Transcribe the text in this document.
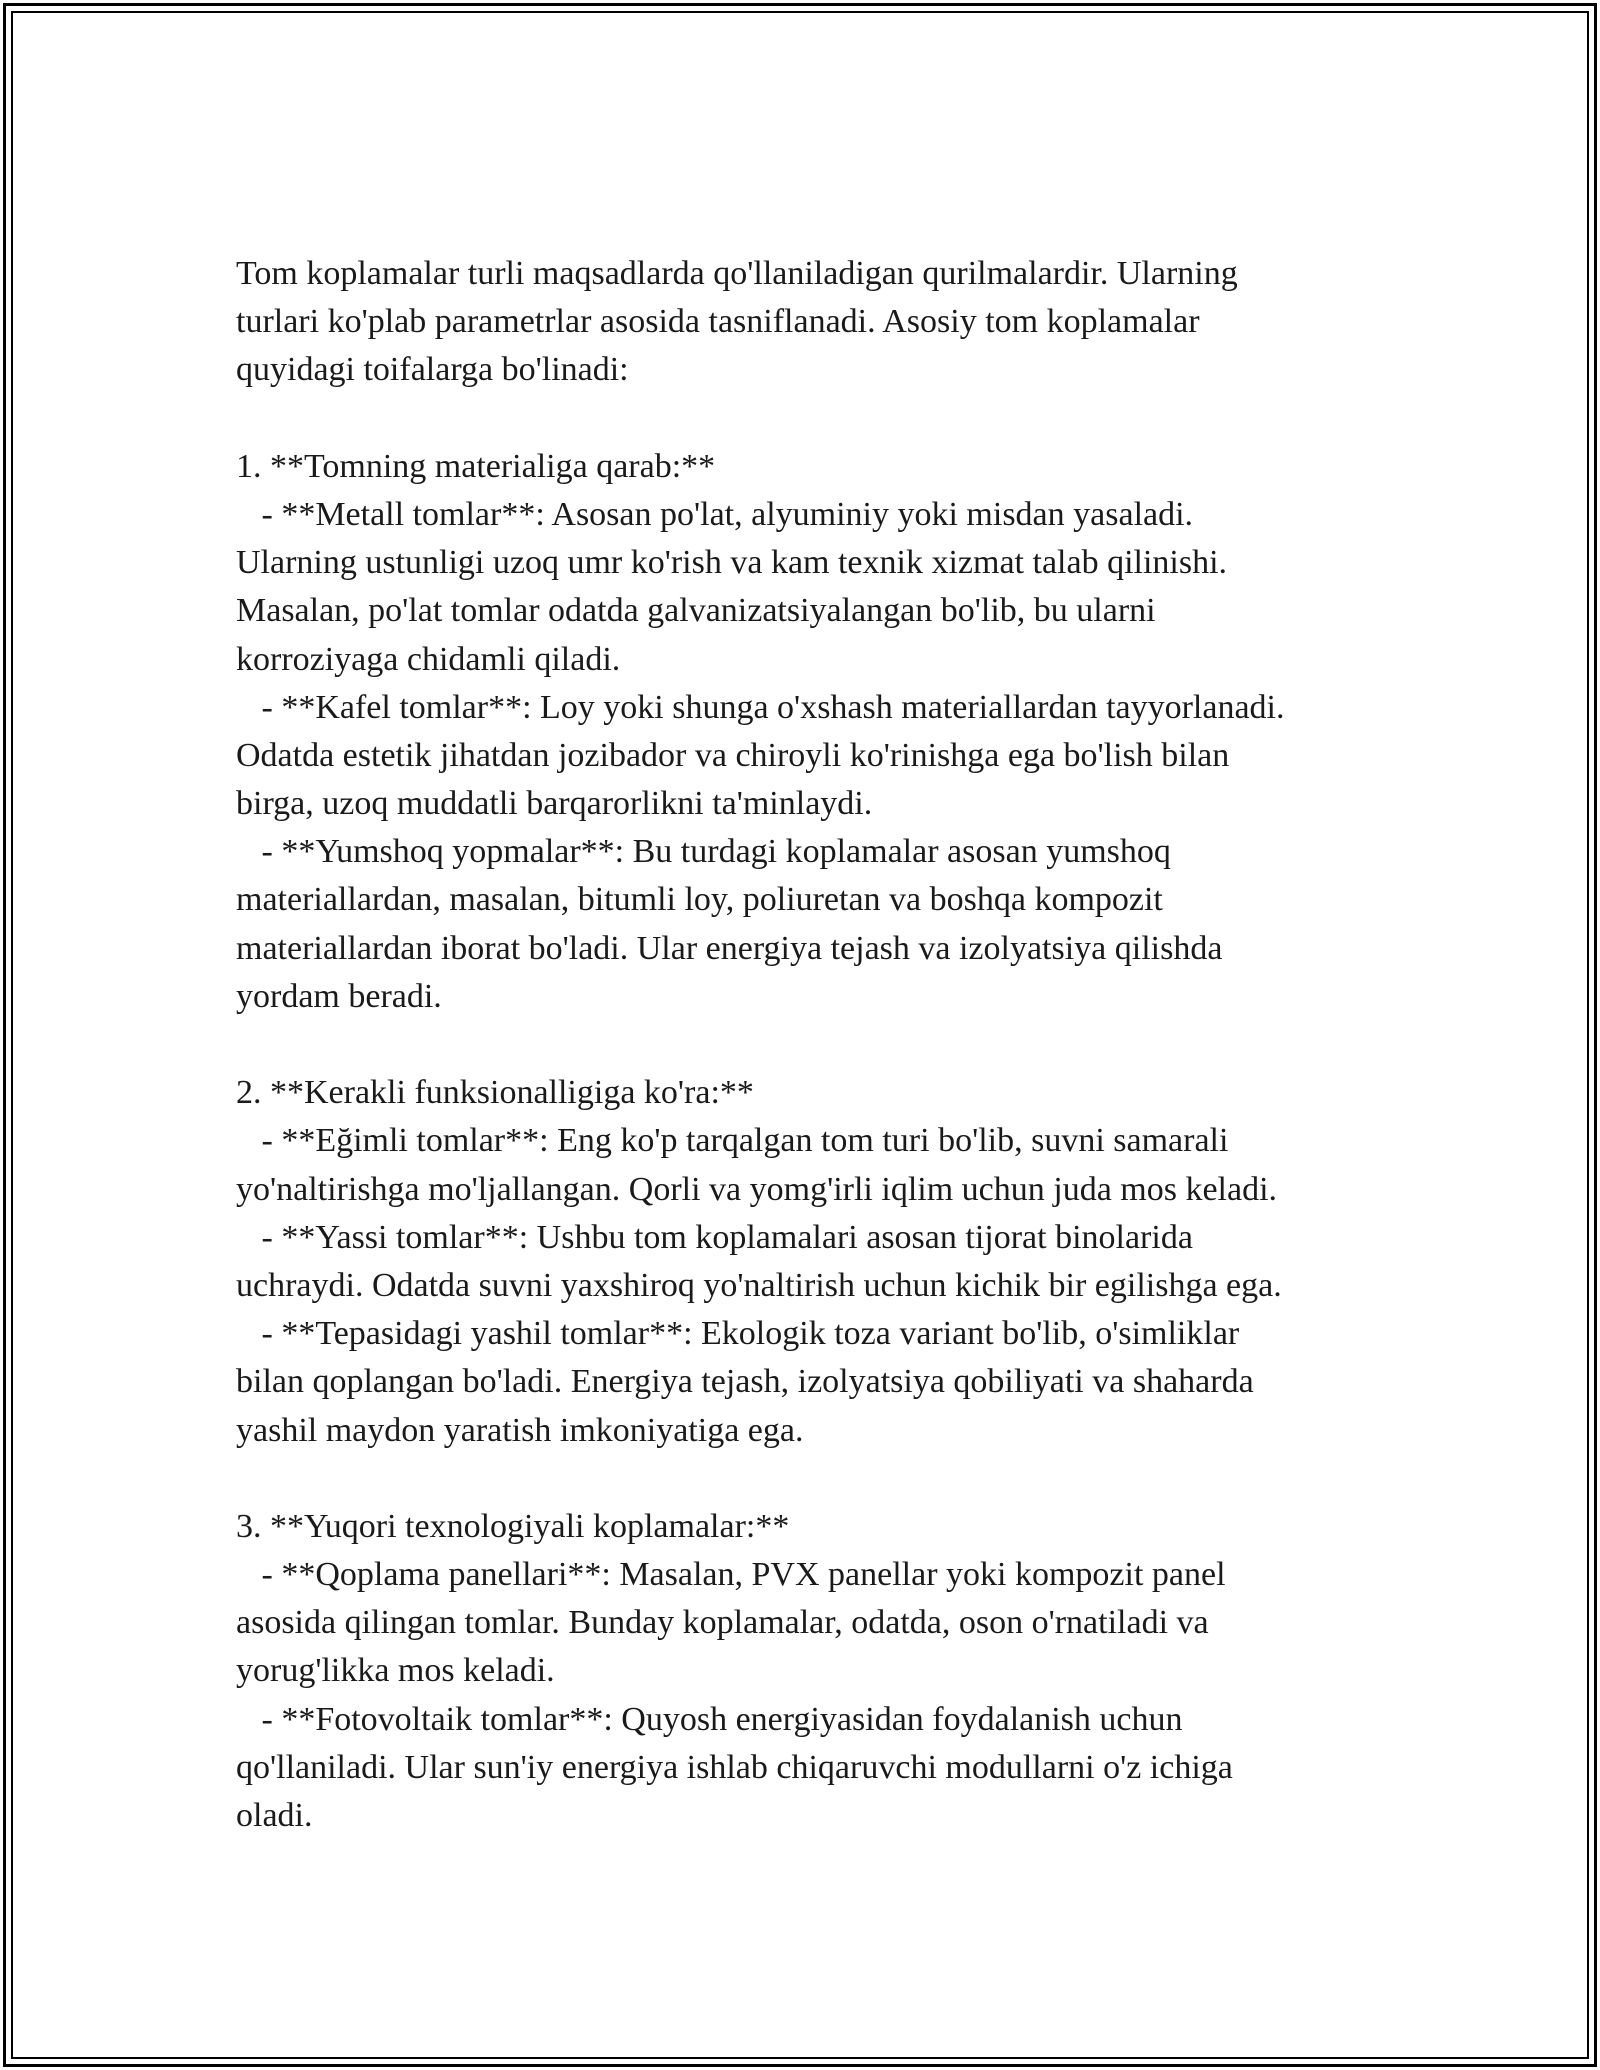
Tom koplamalar turli maqsadlarda qo'llaniladigan qurilmalardir. Ularning
turlari ko'plab parametrlar asosida tasniflanadi. Asosiy tom koplamalar
quyidagi toifalarga bo'linadi:
1. **Tomning materialiga qarab:**
- **Metall tomlar**: Asosan po'lat, alyuminiy yoki misdan yasaladi.
Ularning ustunligi uzoq umr ko'rish va kam texnik xizmat talab qilinishi.
Masalan, po'lat tomlar odatda galvanizatsiyalangan bo'lib, bu ularni
korroziyaga chidamli qiladi.
- **Kafel tomlar**: Loy yoki shunga o'xshash materiallardan tayyorlanadi.
Odatda estetik jihatdan jozibador va chiroyli ko'rinishga ega bo'lish bilan
birga, uzoq muddatli barqarorlikni ta'minlaydi.
- **Yumshoq yopmalar**: Bu turdagi koplamalar asosan yumshoq
materiallardan, masalan, bitumli loy, poliuretan va boshqa kompozit
materiallardan iborat bo'ladi. Ular energiya tejash va izolyatsiya qilishda
yordam beradi.
2. **Kerakli funksionalligiga ko'ra:**
- **Eğimli tomlar**: Eng ko'p tarqalgan tom turi bo'lib, suvni samarali
yo'naltirishga mo'ljallangan. Qorli va yomg'irli iqlim uchun juda mos keladi.
- **Yassi tomlar**: Ushbu tom koplamalari asosan tijorat binolarida
uchraydi. Odatda suvni yaxshiroq yo'naltirish uchun kichik bir egilishga ega.
- **Tepasidagi yashil tomlar**: Ekologik toza variant bo'lib, o'simliklar
bilan qoplangan bo'ladi. Energiya tejash, izolyatsiya qobiliyati va shaharda
yashil maydon yaratish imkoniyatiga ega.
3. **Yuqori texnologiyali koplamalar:**
- **Qoplama panellari**: Masalan, PVX panellar yoki kompozit panel
asosida qilingan tomlar. Bunday koplamalar, odatda, oson o'rnatiladi va
yorug'likka mos keladi.
- **Fotovoltaik tomlar**: Quyosh energiyasidan foydalanish uchun
qo'llaniladi. Ular sun'iy energiya ishlab chiqaruvchi modullarni o'z ichiga
oladi.
